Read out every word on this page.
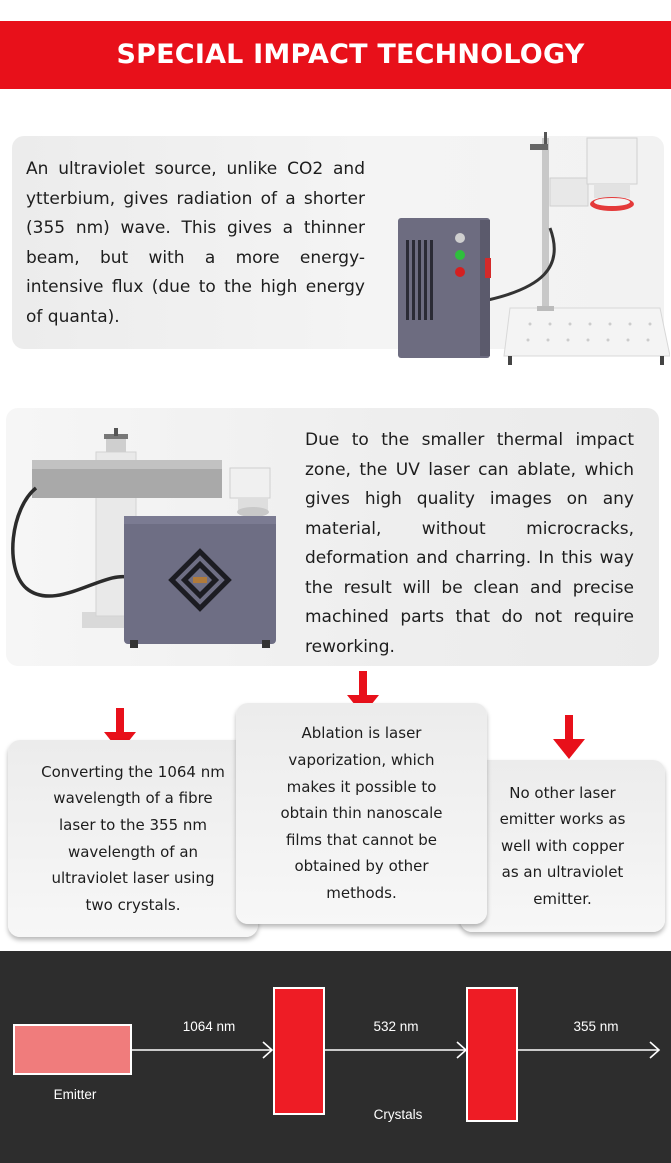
SPECIAL IMPACT TECHNOLOGY
An ultraviolet source, unlike CO2 and ytterbium, gives radiation of a shorter (355 nm) wave. This gives a thinner beam, but with a more energy-intensive flux (due to the high energy of quanta).
Due to the smaller thermal impact zone, the UV laser can ablate, which gives high quality images on any material, without microcracks, deformation and charring. In this way the result will be clean and precise machined parts that do not require reworking.
Converting the 1064 nm
wavelength of a fibre
laser to the 355 nm
wavelength of an
ultraviolet laser using
two crystals.
Ablation is laser
vaporization, which
makes it possible to
obtain thin nanoscale
films that cannot be
obtained by other
methods.
No other laser
emitter works as
well with copper
as an ultraviolet
emitter.
Emitter
1064 nm	532 nm	355 nm
Crystals
